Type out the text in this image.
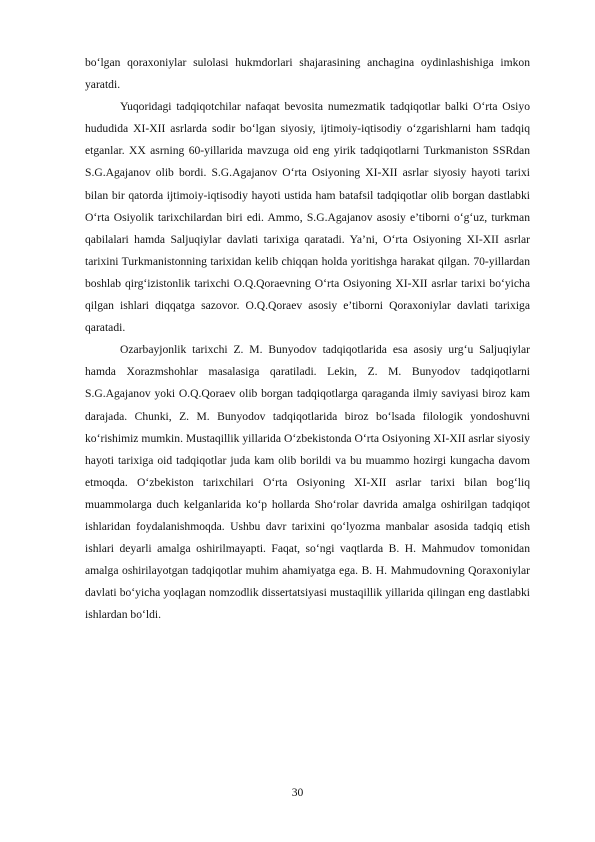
bo‘lgan qoraxoniylar sulolasi hukmdorlari shajarasining anchagina oydinlashishiga imkon yaratdi.

Yuqoridagi tadqiqotchilar nafaqat bevosita numezmatik tadqiqotlar balki O‘rta Osiyo hududida XI-XII asrlarda sodir bo‘lgan siyosiy, ijtimoiy-iqtisodiy o‘zgarishlarni ham tadqiq etganlar. XX asrning 60-yillarida mavzuga oid eng yirik tadqiqotlarni Turkmaniston SSRdan S.G.Agajanov olib bordi. S.G.Agajanov O‘rta Osiyoning XI-XII asrlar siyosiy hayoti tarixi bilan bir qatorda ijtimoiy-iqtisodiy hayoti ustida ham batafsil tadqiqotlar olib borgan dastlabki O‘rta Osiyolik tarixchilardan biri edi. Ammo, S.G.Agajanov asosiy e’tiborni o‘g‘uz, turkman qabilalari hamda Saljuqiylar davlati tarixiga qaratadi. Ya’ni, O‘rta Osiyoning XI-XII asrlar tarixini Turkmanistonning tarixidan kelib chiqqan holda yoritishga harakat qilgan. 70-yillardan boshlab qirg‘izistonlik tarixchi O.Q.Qoraevning O‘rta Osiyoning XI-XII asrlar tarixi bo‘yicha qilgan ishlari diqqatga sazovor. O.Q.Qoraev asosiy e’tiborni Qoraxoniylar davlati tarixiga qaratadi.

Ozarbayjonlik tarixchi Z. M. Bunyodov tadqiqotlarida esa asosiy urg‘u Saljuqiylar hamda Xorazmshohlar masalasiga qaratiladi. Lekin, Z. M. Bunyodov tadqiqotlarni S.G.Agajanov yoki O.Q.Qoraev olib borgan tadqiqotlarga qaraganda ilmiy saviyasi biroz kam darajada. Chunki, Z. M. Bunyodov tadqiqotlarida biroz bo‘lsada filologik yondoshuvni ko‘rishimiz mumkin. Mustaqillik yillarida O‘zbekistonda O‘rta Osiyoning XI-XII asrlar siyosiy hayoti tarixiga oid tadqiqotlar juda kam olib borildi va bu muammo hozirgi kungacha davom etmoqda. O‘zbekiston tarixchilari O‘rta Osiyoning XI-XII asrlar tarixi bilan bog‘liq muammolarga duch kelganlarida ko‘p hollarda Sho‘rolar davrida amalga oshirilgan tadqiqot ishlaridan foydalanishmoqda. Ushbu davr tarixini qo‘lyozma manbalar asosida tadqiq etish ishlari deyarli amalga oshirilmayapti. Faqat, so‘ngi vaqtlarda B. H. Mahmudov tomonidan amalga oshirilayotgan tadqiqotlar muhim ahamiyatga ega. B. H. Mahmudovning Qoraxoniylar davlati bo‘yicha yoqlagan nomzodlik dissertatsiyasi mustaqillik yillarida qilingan eng dastlabki ishlardan bo‘ldi.

30
